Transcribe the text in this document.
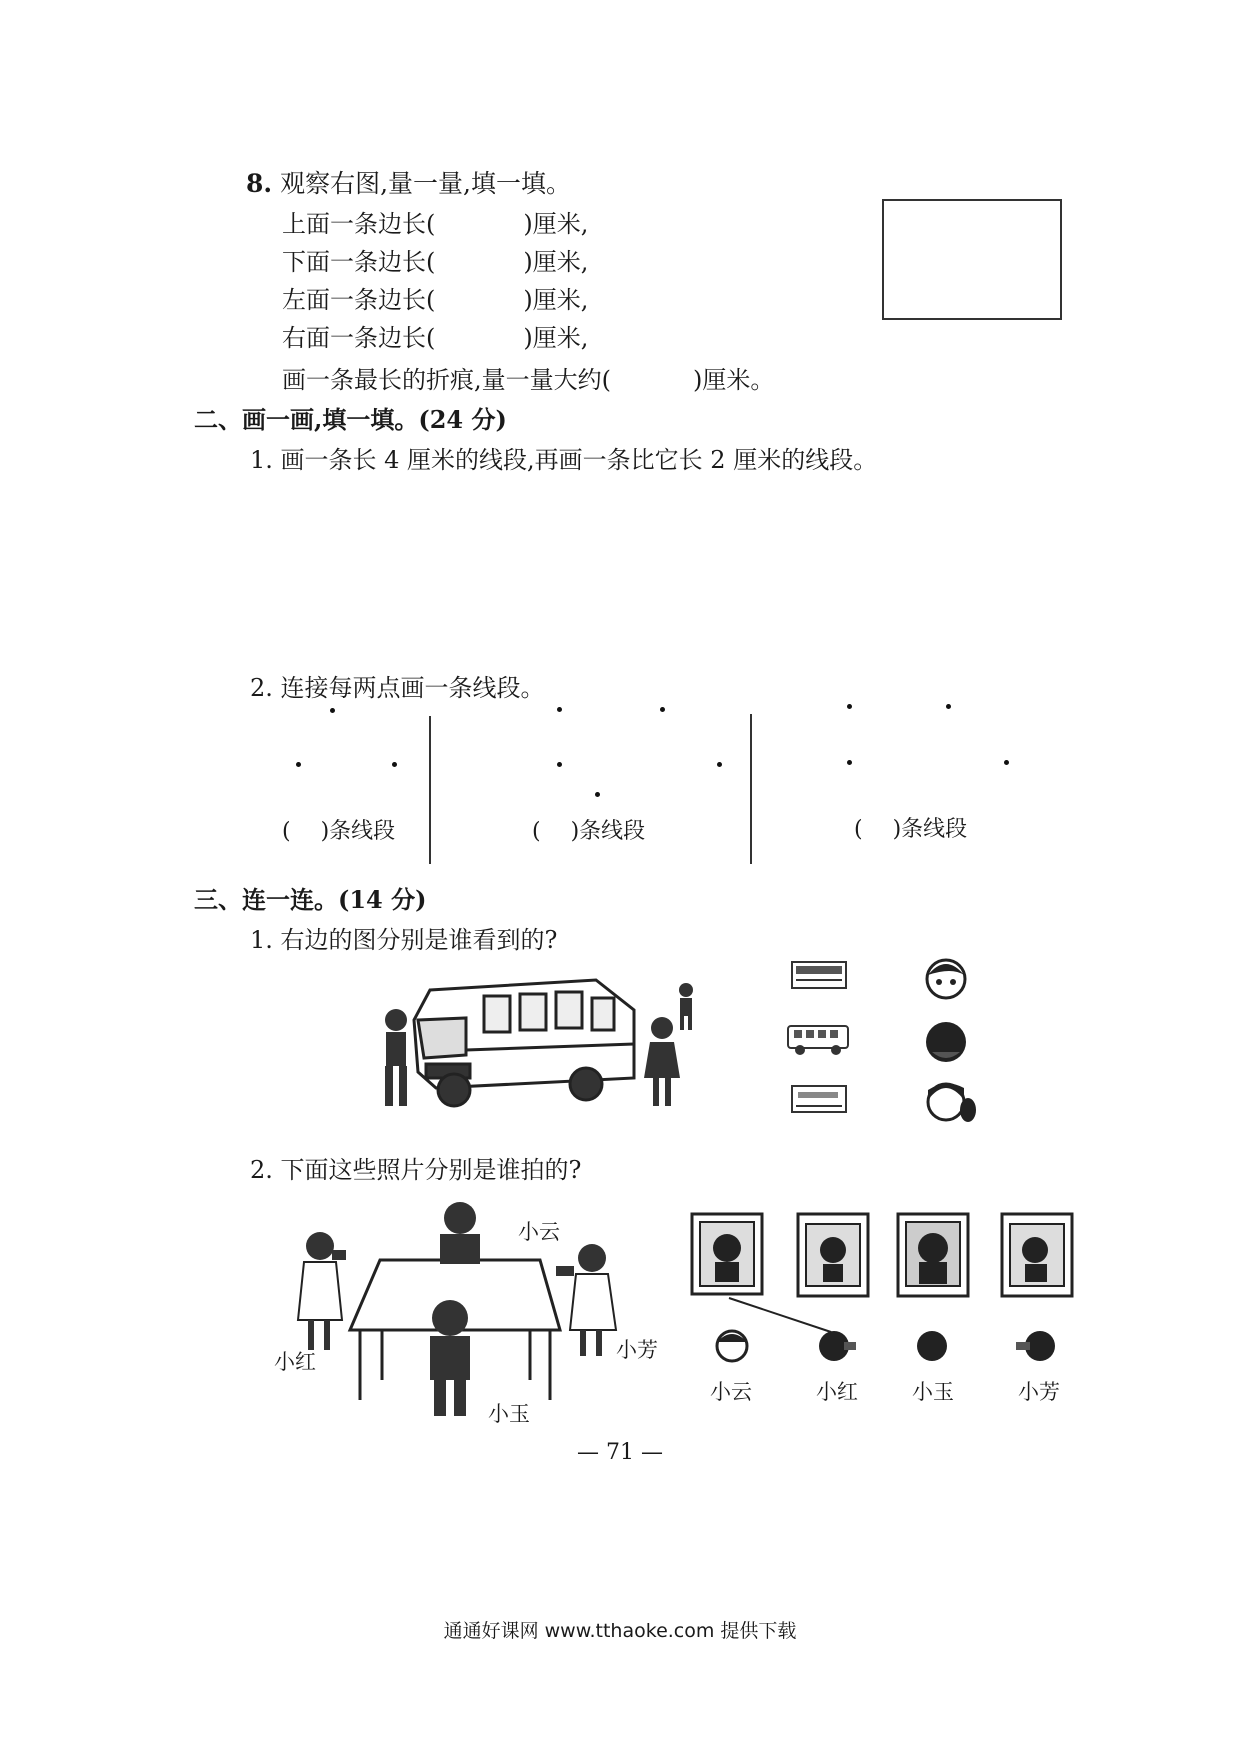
8. 观察右图,量一量,填一填。
上面一条边长(	)厘米,
下面一条边长(	)厘米,
左面一条边长(	)厘米,
右面一条边长(	)厘米,
画一条最长的折痕,量一量大约(	)厘米。
二、画一画,填一填。(24 分)
1. 画一条长 4 厘米的线段,再画一条比它长 2 厘米的线段。
2. 连接每两点画一条线段。
( )条线段	( )条线段	( )条线段
三、连一连。(14 分)
1. 右边的图分别是谁看到的?
2. 下面这些照片分别是谁拍的?
小云
小红	小芳
小玉
小云	小红	小玉	小芳
— 71 —
通通好课网 www.tthaoke.com 提供下载
